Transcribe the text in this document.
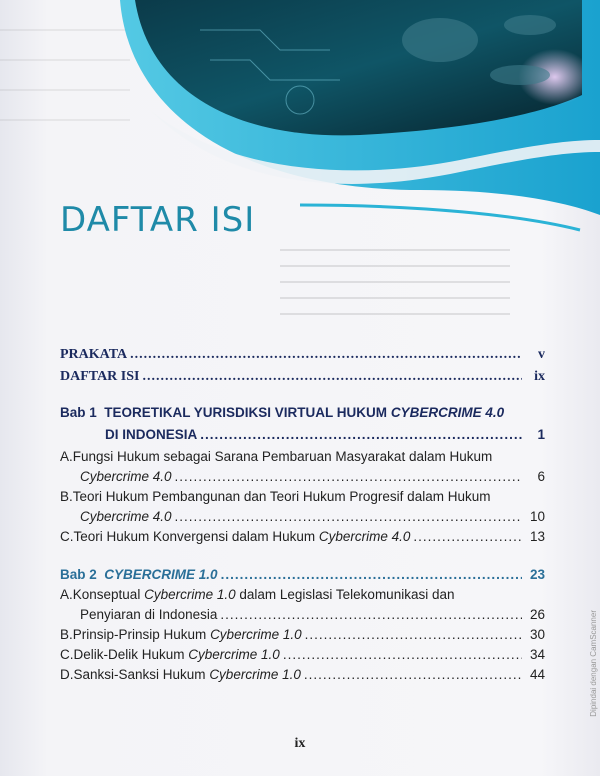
DAFTAR ISI
PRAKATA .....	v
DAFTAR ISI .....	ix
Bab 1 TEORETIKAL YURISDIKSI VIRTUAL HUKUM CYBERCRIME 4.0
DI INDONESIA .....	1
A.Fungsi Hukum sebagai Sarana Pembaruan Masyarakat dalam Hukum
Cybercrime 4.0 .....	6
B.Teori Hukum Pembangunan dan Teori Hukum Progresif dalam Hukum
Cybercrime 4.0 .....	10
C.Teori Hukum Konvergensi dalam Hukum Cybercrime 4.0 .....	13
Bab 2 CYBERCRIME 1.0 .....	23
A.Konseptual Cybercrime 1.0 dalam Legislasi Telekomunikasi dan
Penyiaran di Indonesia .....	26
B.Prinsip-Prinsip Hukum Cybercrime 1.0 .....	30
C.Delik-Delik Hukum Cybercrime 1.0 .....	34
D.Sanksi-Sanksi Hukum Cybercrime 1.0 .....	44
ix
Dipindai dengan CamScanner
